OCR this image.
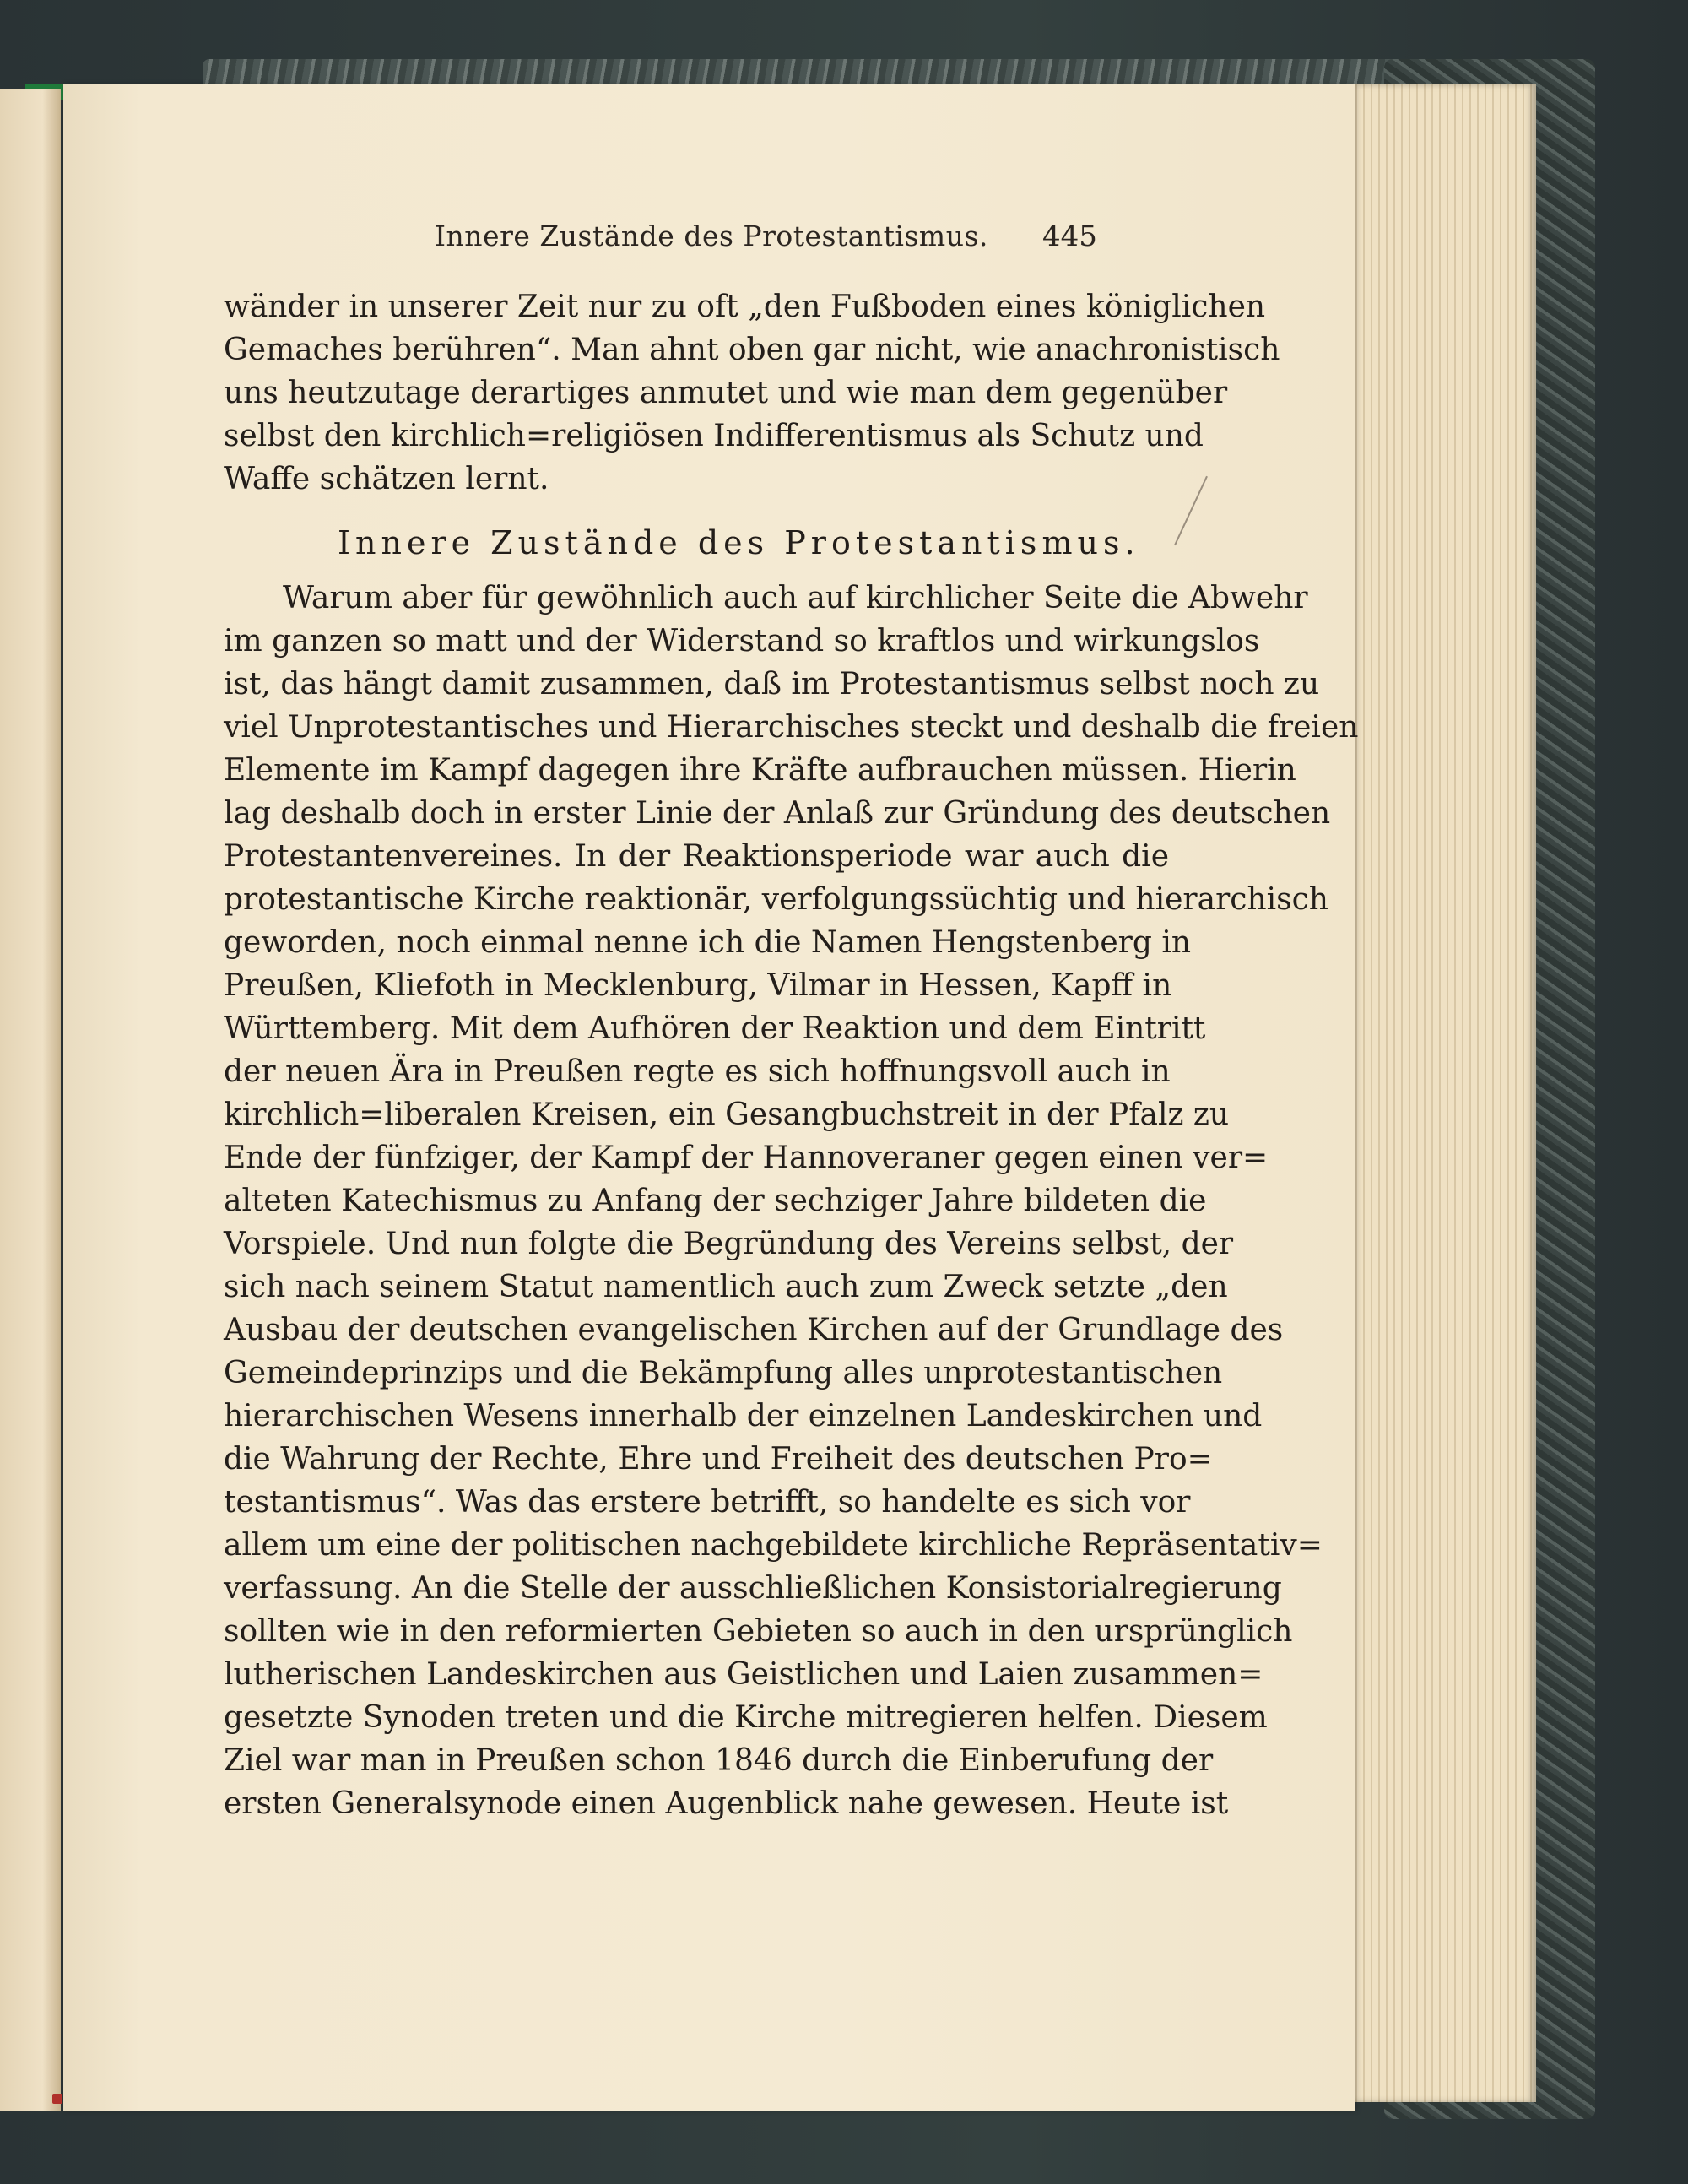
Innere Zustände des Protestantismus. 445
wänder in unserer Zeit nur zu oft „den Fußboden eines königlichen
Gemaches berühren“. Man ahnt oben gar nicht, wie anachronistisch
uns heutzutage derartiges anmutet und wie man dem gegenüber
selbst den kirchlich=religiösen Indifferentismus als Schutz und
Waffe schätzen lernt.
Innere Zustände des Protestantismus.
Warum aber für gewöhnlich auch auf kirchlicher Seite die Abwehr
im ganzen so matt und der Widerstand so kraftlos und wirkungslos
ist, das hängt damit zusammen, daß im Protestantismus selbst noch zu
viel Unprotestantisches und Hierarchisches steckt und deshalb die freien
Elemente im Kampf dagegen ihre Kräfte aufbrauchen müssen. Hierin
lag deshalb doch in erster Linie der Anlaß zur Gründung des deutschen
Protestantenvereines. In der Reaktionsperiode war auch die
protestantische Kirche reaktionär, verfolgungssüchtig und hierarchisch
geworden, noch einmal nenne ich die Namen Hengstenberg in
Preußen, Kliefoth in Mecklenburg, Vilmar in Hessen, Kapff in
Württemberg. Mit dem Aufhören der Reaktion und dem Eintritt
der neuen Ära in Preußen regte es sich hoffnungsvoll auch in
kirchlich=liberalen Kreisen, ein Gesangbuchstreit in der Pfalz zu
Ende der fünfziger, der Kampf der Hannoveraner gegen einen ver=
alteten Katechismus zu Anfang der sechziger Jahre bildeten die
Vorspiele. Und nun folgte die Begründung des Vereins selbst, der
sich nach seinem Statut namentlich auch zum Zweck setzte „den
Ausbau der deutschen evangelischen Kirchen auf der Grundlage des
Gemeindeprinzips und die Bekämpfung alles unprotestantischen
hierarchischen Wesens innerhalb der einzelnen Landeskirchen und
die Wahrung der Rechte, Ehre und Freiheit des deutschen Pro=
testantismus“. Was das erstere betrifft, so handelte es sich vor
allem um eine der politischen nachgebildete kirchliche Repräsentativ=
verfassung. An die Stelle der ausschließlichen Konsistorialregierung
sollten wie in den reformierten Gebieten so auch in den ursprünglich
lutherischen Landeskirchen aus Geistlichen und Laien zusammen=
gesetzte Synoden treten und die Kirche mitregieren helfen. Diesem
Ziel war man in Preußen schon 1846 durch die Einberufung der
ersten Generalsynode einen Augenblick nahe gewesen. Heute ist
